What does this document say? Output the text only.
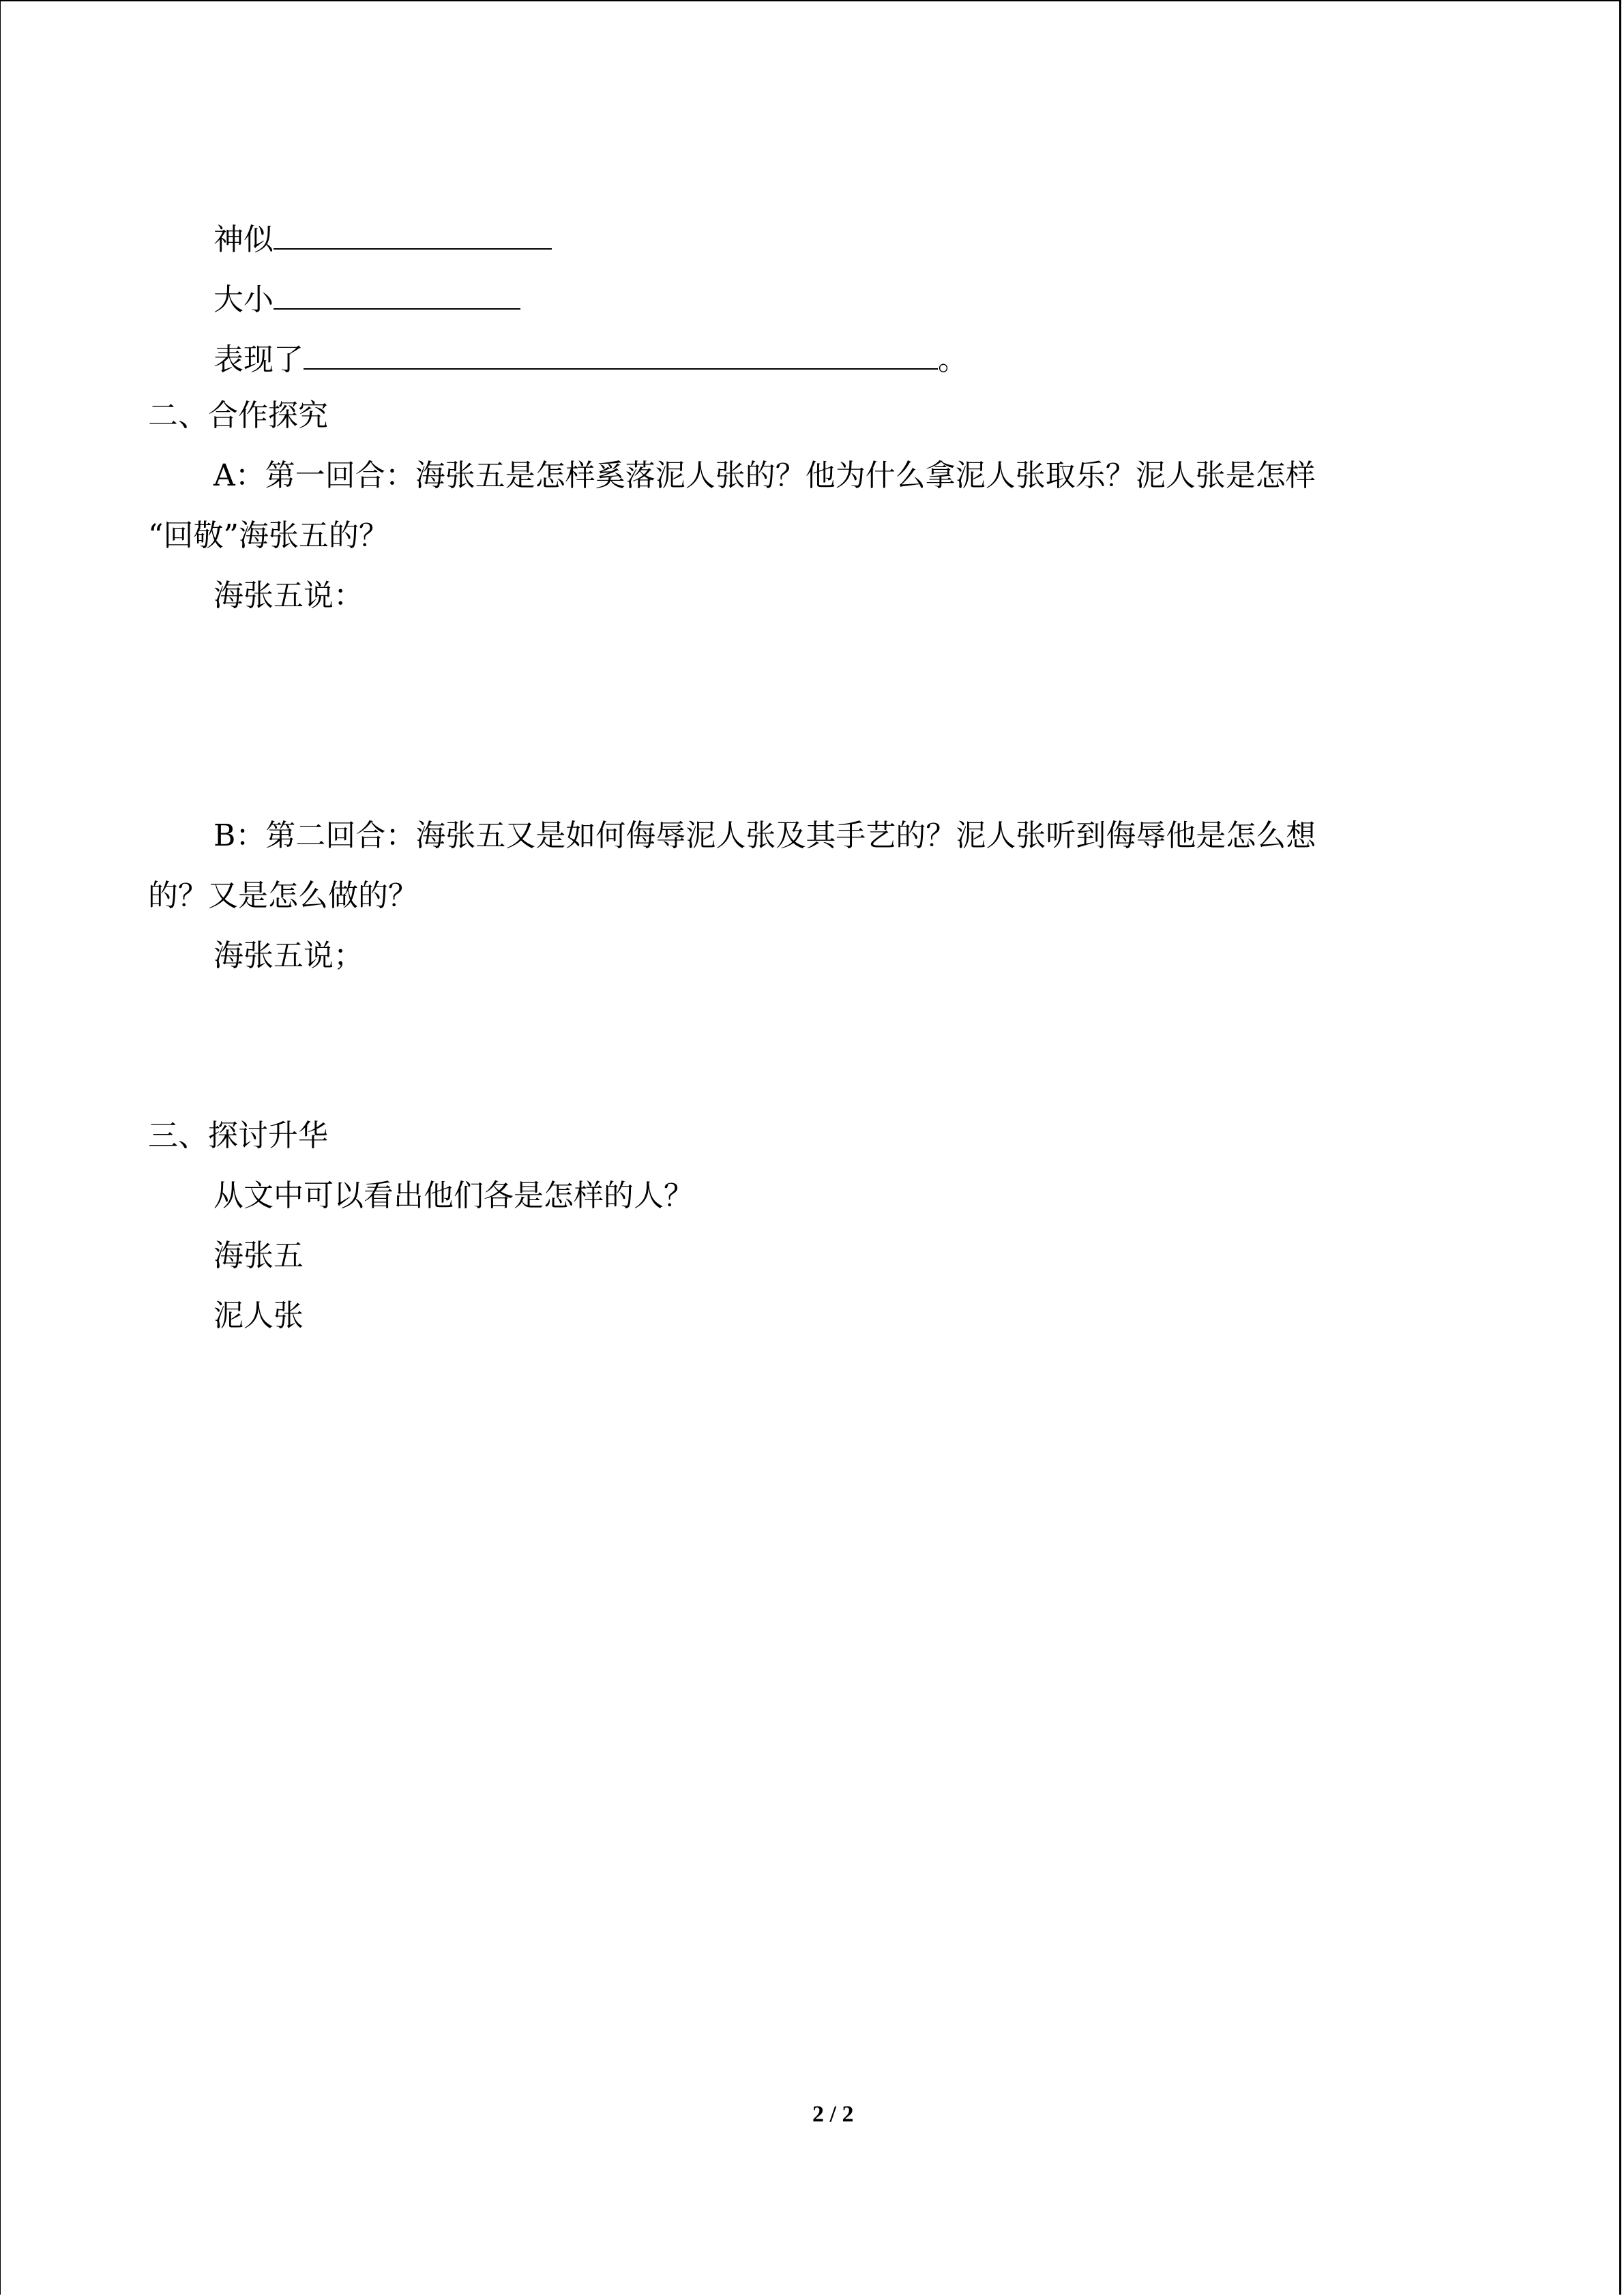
神似
大小
表现了	。
二、合作探究
A：第一回合：海张五是怎样奚落泥人张的？他为什么拿泥人张取乐？泥人张是怎样
“回敬”海张五的？
海张五说：
B：第二回合：海张五又是如何侮辱泥人张及其手艺的？泥人张听到侮辱他是怎么想
的？又是怎么做的？
海张五说；
三、探讨升华
从文中可以看出他们各是怎样的人？
海张五
泥人张
2 / 2
